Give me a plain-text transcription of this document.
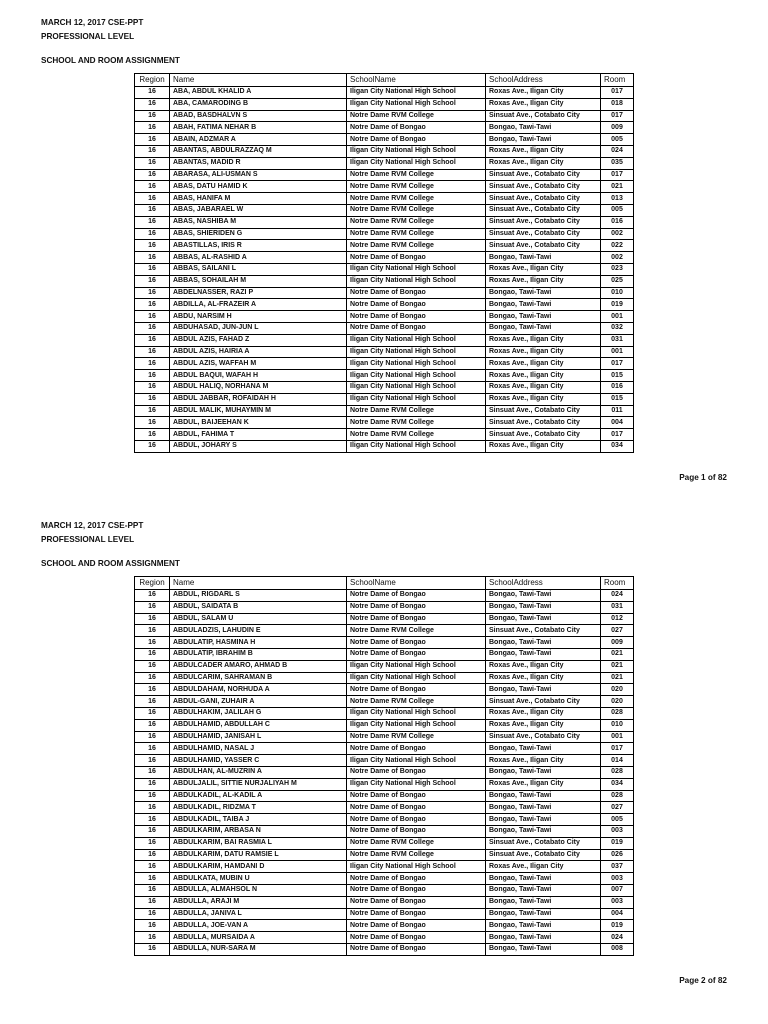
MARCH 12, 2017 CSE-PPT
PROFESSIONAL LEVEL
SCHOOL AND ROOM ASSIGNMENT
Region	Name	SchoolName	SchoolAddress	Room
16	ABA, ABDUL KHALID A	Iligan City National High School	Roxas Ave., Iligan City	017
16	ABA, CAMARODING B	Iligan City National High School	Roxas Ave., Iligan City	018
16	ABAD, BASDHALVN S	Notre Dame RVM College	Sinsuat Ave., Cotabato City	017
16	ABAH, FATIMA NEHAR B	Notre Dame of Bongao	Bongao, Tawi-Tawi	009
16	ABAIN, ADZMAR A	Notre Dame of Bongao	Bongao, Tawi-Tawi	005
16	ABANTAS, ABDULRAZZAQ M	Iligan City National High School	Roxas Ave., Iligan City	024
16	ABANTAS, MADID R	Iligan City National High School	Roxas Ave., Iligan City	035
16	ABARASA, ALI-USMAN S	Notre Dame RVM College	Sinsuat Ave., Cotabato City	017
16	ABAS, DATU HAMID K	Notre Dame RVM College	Sinsuat Ave., Cotabato City	021
16	ABAS, HANIFA M	Notre Dame RVM College	Sinsuat Ave., Cotabato City	013
16	ABAS, JABARAEL W	Notre Dame RVM College	Sinsuat Ave., Cotabato City	005
16	ABAS, NASHIBA M	Notre Dame RVM College	Sinsuat Ave., Cotabato City	016
16	ABAS, SHIERIDEN G	Notre Dame RVM College	Sinsuat Ave., Cotabato City	002
16	ABASTILLAS, IRIS R	Notre Dame RVM College	Sinsuat Ave., Cotabato City	022
16	ABBAS, AL-RASHID A	Notre Dame of Bongao	Bongao, Tawi-Tawi	002
16	ABBAS, SAILANI L	Iligan City National High School	Roxas Ave., Iligan City	023
16	ABBAS, SOHAILAH M	Iligan City National High School	Roxas Ave., Iligan City	025
16	ABDELNASSER, RAZI P	Notre Dame of Bongao	Bongao, Tawi-Tawi	010
16	ABDILLA, AL-FRAZEIR A	Notre Dame of Bongao	Bongao, Tawi-Tawi	019
16	ABDU, NARSIM H	Notre Dame of Bongao	Bongao, Tawi-Tawi	001
16	ABDUHASAD, JUN-JUN L	Notre Dame of Bongao	Bongao, Tawi-Tawi	032
16	ABDUL AZIS, FAHAD Z	Iligan City National High School	Roxas Ave., Iligan City	031
16	ABDUL AZIS, HAIRIA A	Iligan City National High School	Roxas Ave., Iligan City	001
16	ABDUL AZIS, WAFFAH M	Iligan City National High School	Roxas Ave., Iligan City	017
16	ABDUL BAQUI, WAFAH H	Iligan City National High School	Roxas Ave., Iligan City	015
16	ABDUL HALIQ, NORHANA M	Iligan City National High School	Roxas Ave., Iligan City	016
16	ABDUL JABBAR, ROFAIDAH H	Iligan City National High School	Roxas Ave., Iligan City	015
16	ABDUL MALIK, MUHAYMIN M	Notre Dame RVM College	Sinsuat Ave., Cotabato City	011
16	ABDUL, BAIJEEHAN K	Notre Dame RVM College	Sinsuat Ave., Cotabato City	004
16	ABDUL, FAHIMA T	Notre Dame RVM College	Sinsuat Ave., Cotabato City	017
16	ABDUL, JOHARY S	Iligan City National High School	Roxas Ave., Iligan City	034
Page 1 of 82
MARCH 12, 2017 CSE-PPT
PROFESSIONAL LEVEL
SCHOOL AND ROOM ASSIGNMENT
Region	Name	SchoolName	SchoolAddress	Room
16	ABDUL, RIGDARL S	Notre Dame of Bongao	Bongao, Tawi-Tawi	024
16	ABDUL, SAIDATA B	Notre Dame of Bongao	Bongao, Tawi-Tawi	031
16	ABDUL, SALAM U	Notre Dame of Bongao	Bongao, Tawi-Tawi	012
16	ABDULADZIS, LAHUDIN E	Notre Dame RVM College	Sinsuat Ave., Cotabato City	027
16	ABDULATIP, HASMINA H	Notre Dame of Bongao	Bongao, Tawi-Tawi	009
16	ABDULATIP, IBRAHIM B	Notre Dame of Bongao	Bongao, Tawi-Tawi	021
16	ABDULCADER AMARO, AHMAD B	Iligan City National High School	Roxas Ave., Iligan City	021
16	ABDULCARIM, SAHRAMAN B	Iligan City National High School	Roxas Ave., Iligan City	021
16	ABDULDAHAM, NORHUDA A	Notre Dame of Bongao	Bongao, Tawi-Tawi	020
16	ABDUL-GANI, ZUHAIR A	Notre Dame RVM College	Sinsuat Ave., Cotabato City	020
16	ABDULHAKIM, JALILAH G	Iligan City National High School	Roxas Ave., Iligan City	028
16	ABDULHAMID, ABDULLAH C	Iligan City National High School	Roxas Ave., Iligan City	010
16	ABDULHAMID, JANISAH L	Notre Dame RVM College	Sinsuat Ave., Cotabato City	001
16	ABDULHAMID, NASAL J	Notre Dame of Bongao	Bongao, Tawi-Tawi	017
16	ABDULHAMID, YASSER C	Iligan City National High School	Roxas Ave., Iligan City	014
16	ABDULHAN, AL-MUZRIN A	Notre Dame of Bongao	Bongao, Tawi-Tawi	028
16	ABDULJALIL, SITTIE NURJALIYAH M	Iligan City National High School	Roxas Ave., Iligan City	034
16	ABDULKADIL, AL-KADIL A	Notre Dame of Bongao	Bongao, Tawi-Tawi	028
16	ABDULKADIL, RIDZMA T	Notre Dame of Bongao	Bongao, Tawi-Tawi	027
16	ABDULKADIL, TAIBA J	Notre Dame of Bongao	Bongao, Tawi-Tawi	005
16	ABDULKARIM, ARBASA N	Notre Dame of Bongao	Bongao, Tawi-Tawi	003
16	ABDULKARIM, BAI RASMIA L	Notre Dame RVM College	Sinsuat Ave., Cotabato City	019
16	ABDULKARIM, DATU RAMSIE L	Notre Dame RVM College	Sinsuat Ave., Cotabato City	026
16	ABDULKARIM, HAMDANI D	Iligan City National High School	Roxas Ave., Iligan City	037
16	ABDULKATA, MUBIN U	Notre Dame of Bongao	Bongao, Tawi-Tawi	003
16	ABDULLA, ALMAHSOL N	Notre Dame of Bongao	Bongao, Tawi-Tawi	007
16	ABDULLA, ARAJI M	Notre Dame of Bongao	Bongao, Tawi-Tawi	003
16	ABDULLA, JANIVA L	Notre Dame of Bongao	Bongao, Tawi-Tawi	004
16	ABDULLA, JOE-VAN A	Notre Dame of Bongao	Bongao, Tawi-Tawi	019
16	ABDULLA, MURSAIDA A	Notre Dame of Bongao	Bongao, Tawi-Tawi	024
16	ABDULLA, NUR-SARA M	Notre Dame of Bongao	Bongao, Tawi-Tawi	008
Page 2 of 82
